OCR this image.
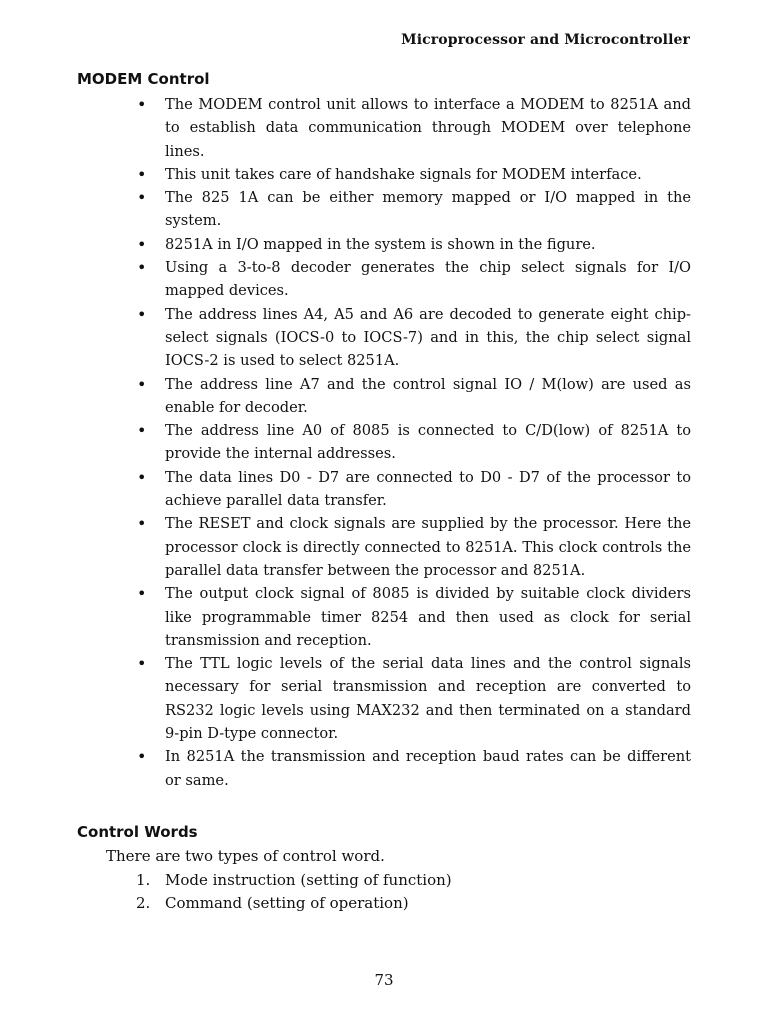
Microprocessor and Microcontroller
MODEM Control
• The MODEM control unit allows to interface a MODEM to 8251A and to establish data communication through MODEM over telephone lines.
• This unit takes care of handshake signals for MODEM interface.
• The 825 1A can be either memory mapped or I/O mapped in the system.
• 8251A in I/O mapped in the system is shown in the figure.
• Using a 3-to-8 decoder generates the chip select signals for I/O mapped devices.
• The address lines A4, A5 and A6 are decoded to generate eight chip-select signals (IOCS-0 to IOCS-7) and in this, the chip select signal IOCS-2 is used to select 8251A.
• The address line A7 and the control signal IO / M(low) are used as enable for decoder.
• The address line A0 of 8085 is connected to C/D(low) of 8251A to provide the internal addresses.
• The data lines D0 - D7 are connected to D0 - D7 of the processor to achieve parallel data transfer.
• The RESET and clock signals are supplied by the processor. Here the processor clock is directly connected to 8251A. This clock controls the parallel data transfer between the processor and 8251A.
• The output clock signal of 8085 is divided by suitable clock dividers like programmable timer 8254 and then used as clock for serial transmission and reception.
• The TTL logic levels of the serial data lines and the control signals necessary for serial transmission and reception are converted to RS232 logic levels using MAX232 and then terminated on a standard 9-pin D-type connector.
• In 8251A the transmission and reception baud rates can be different or same.
Control Words
There are two types of control word.
1. Mode instruction (setting of function)
2. Command (setting of operation)
73
